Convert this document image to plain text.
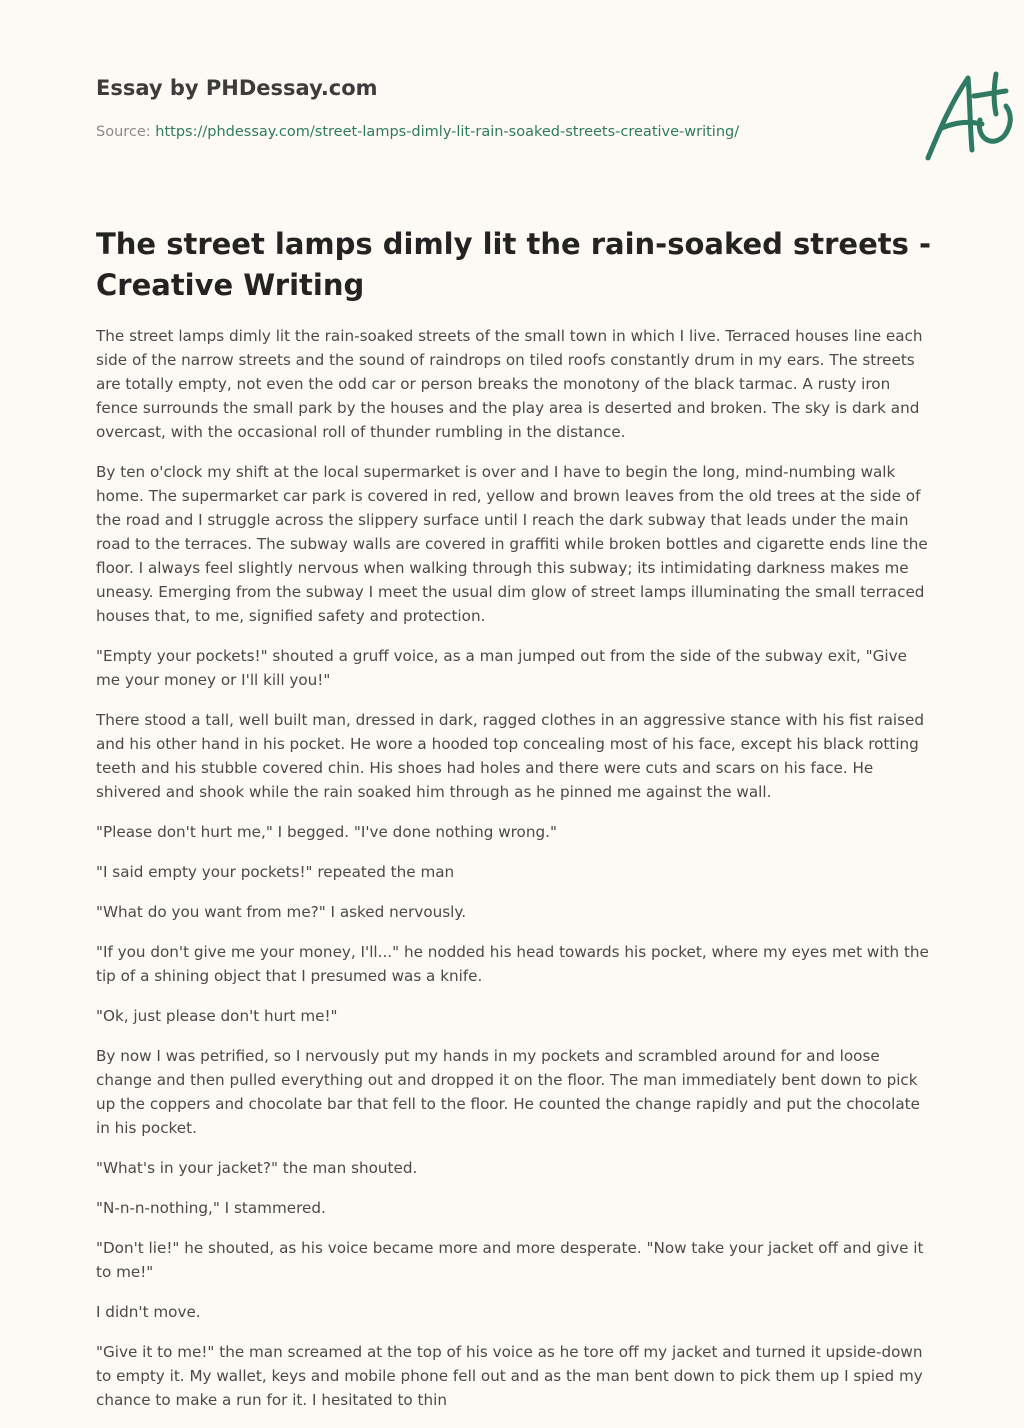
Essay by PHDessay.com
Source: https://phdessay.com/street-lamps-dimly-lit-rain-soaked-streets-creative-writing/
The street lamps dimly lit the rain-soaked streets - Creative Writing

The street lamps dimly lit the rain-soaked streets of the small town in which I live. Terraced houses line each side of the narrow streets and the sound of raindrops on tiled roofs constantly drum in my ears. The streets are totally empty, not even the odd car or person breaks the monotony of the black tarmac. A rusty iron fence surrounds the small park by the houses and the play area is deserted and broken. The sky is dark and overcast, with the occasional roll of thunder rumbling in the distance.

By ten o'clock my shift at the local supermarket is over and I have to begin the long, mind-numbing walk home. The supermarket car park is covered in red, yellow and brown leaves from the old trees at the side of the road and I struggle across the slippery surface until I reach the dark subway that leads under the main road to the terraces. The subway walls are covered in graffiti while broken bottles and cigarette ends line the floor. I always feel slightly nervous when walking through this subway; its intimidating darkness makes me uneasy. Emerging from the subway I meet the usual dim glow of street lamps illuminating the small terraced houses that, to me, signified safety and protection.

"Empty your pockets!" shouted a gruff voice, as a man jumped out from the side of the subway exit, "Give me your money or I'll kill you!"

There stood a tall, well built man, dressed in dark, ragged clothes in an aggressive stance with his fist raised and his other hand in his pocket. He wore a hooded top concealing most of his face, except his black rotting teeth and his stubble covered chin. His shoes had holes and there were cuts and scars on his face. He shivered and shook while the rain soaked him through as he pinned me against the wall.

"Please don't hurt me," I begged. "I've done nothing wrong."

"I said empty your pockets!" repeated the man

"What do you want from me?" I asked nervously.

"If you don't give me your money, I'll..." he nodded his head towards his pocket, where my eyes met with the tip of a shining object that I presumed was a knife.

"Ok, just please don't hurt me!"

By now I was petrified, so I nervously put my hands in my pockets and scrambled around for and loose change and then pulled everything out and dropped it on the floor. The man immediately bent down to pick up the coppers and chocolate bar that fell to the floor. He counted the change rapidly and put the chocolate in his pocket.

"What's in your jacket?" the man shouted.

"N-n-n-nothing," I stammered.

"Don't lie!" he shouted, as his voice became more and more desperate. "Now take your jacket off and give it to me!"

I didn't move.

"Give it to me!" the man screamed at the top of his voice as he tore off my jacket and turned it upside-down to empty it. My wallet, keys and mobile phone fell out and as the man bent down to pick them up I spied my chance to make a run for it. I hesitated to thin
